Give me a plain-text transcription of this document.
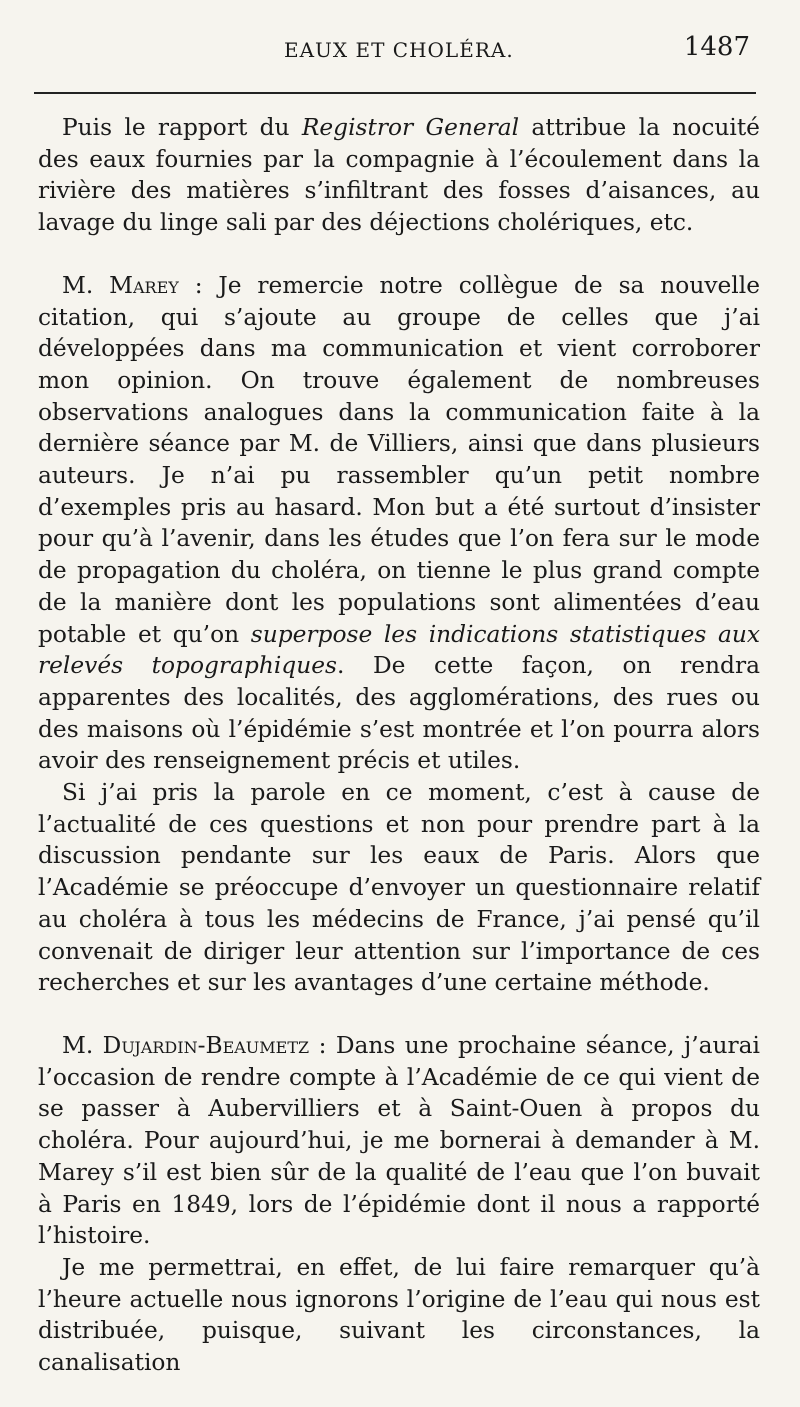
EAUX ET CHOLÉRA.	1487

Puis le rapport du Registror General attribue la nocuité des eaux fournies par la compagnie à l’écoulement dans la rivière des matières s’infiltrant des fosses d’aisances, au lavage du linge sali par des déjections cholériques, etc.

M. Marey : Je remercie notre collègue de sa nouvelle citation, qui s’ajoute au groupe de celles que j’ai développées dans ma communication et vient corroborer mon opinion. On trouve également de nombreuses observations analogues dans la communication faite à la dernière séance par M. de Villiers, ainsi que dans plusieurs auteurs. Je n’ai pu rassembler qu’un petit nombre d’exemples pris au hasard. Mon but a été surtout d’insister pour qu’à l’avenir, dans les études que l’on fera sur le mode de propagation du choléra, on tienne le plus grand compte de la manière dont les populations sont alimentées d’eau potable et qu’on superpose les indications statistiques aux relevés topographiques. De cette façon, on rendra apparentes des localités, des agglomérations, des rues ou des maisons où l’épidémie s’est montrée et l’on pourra alors avoir des renseignement précis et utiles.

Si j’ai pris la parole en ce moment, c’est à cause de l’actualité de ces questions et non pour prendre part à la discussion pendante sur les eaux de Paris. Alors que l’Académie se préoccupe d’envoyer un questionnaire relatif au choléra à tous les médecins de France, j’ai pensé qu’il convenait de diriger leur attention sur l’importance de ces recherches et sur les avantages d’une certaine méthode.

M. Dujardin-Beaumetz : Dans une prochaine séance, j’aurai l’occasion de rendre compte à l’Académie de ce qui vient de se passer à Aubervilliers et à Saint-Ouen à propos du choléra. Pour aujourd’hui, je me bornerai à demander à M. Marey s’il est bien sûr de la qualité de l’eau que l’on buvait à Paris en 1849, lors de l’épidémie dont il nous a rapporté l’histoire.

Je me permettrai, en effet, de lui faire remarquer qu’à l’heure actuelle nous ignorons l’origine de l’eau qui nous est distribuée, puisque, suivant les circonstances, la canalisation
